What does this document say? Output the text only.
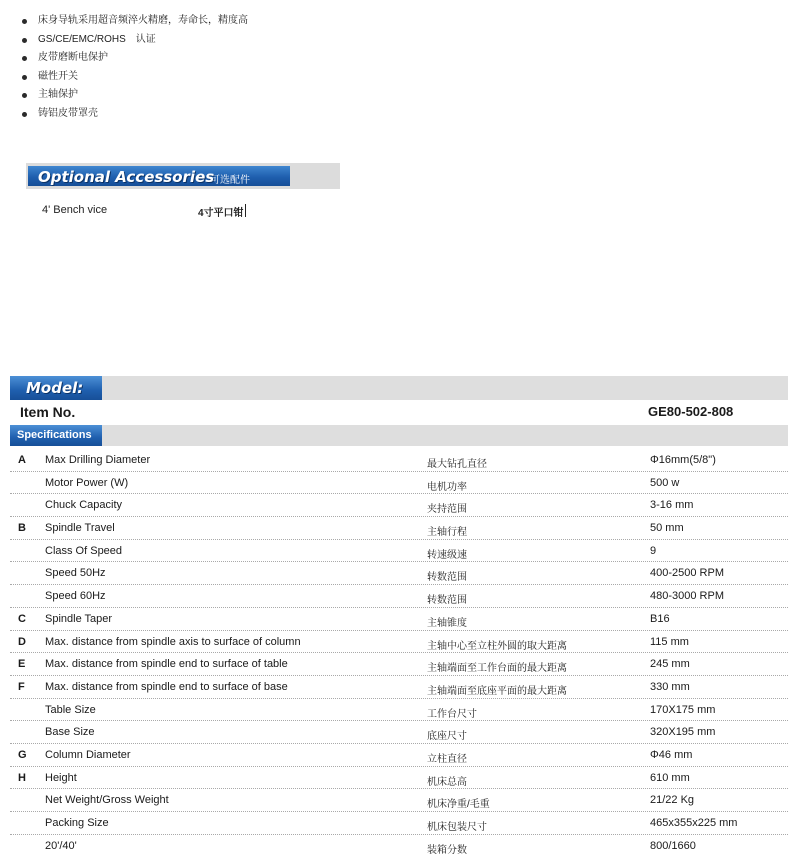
床身导轨采用超音频淬火精磨，寿命长，精度高
GS/CE/EMC/ROHS　认证
皮带磨断电保护
磁性开关
主轴保护
铸铝皮带罩壳
Optional Accessories
可选配件
4' Bench vice	4寸平口钳
Model:
Item No.	GE80-502-808
Specifications
A Max Drilling Diameter	最大钻孔直径	Φ16mm(5/8")
Motor Power (W)	电机功率	500 w
Chuck Capacity	夹持范围	3-16 mm
B Spindle Travel	主轴行程	50 mm
Class Of Speed	转速级速	9
Speed 50Hz	转数范围	400-2500 RPM
Speed 60Hz	转数范围	480-3000 RPM
C Spindle Taper	主轴锥度	B16
D Max. distance from spindle axis to surface of column	主轴中心至立柱外圆的取大距离	115 mm
E Max. distance from spindle end to surface of table	主轴端面至工作台面的最大距离	245 mm
F Max. distance from spindle end to surface of base	主轴端面至底座平面的最大距离	330 mm
Table Size	工作台尺寸	170X175 mm
Base Size	底座尺寸	320X195 mm
G Column Diameter	立柱直径	Φ46 mm
H Height	机床总高	610 mm
Net Weight/Gross Weight	机床净重/毛重	21/22 Kg
Packing Size	机床包装尺寸	465x355x225 mm
20'/40'	装箱分数	800/1660
